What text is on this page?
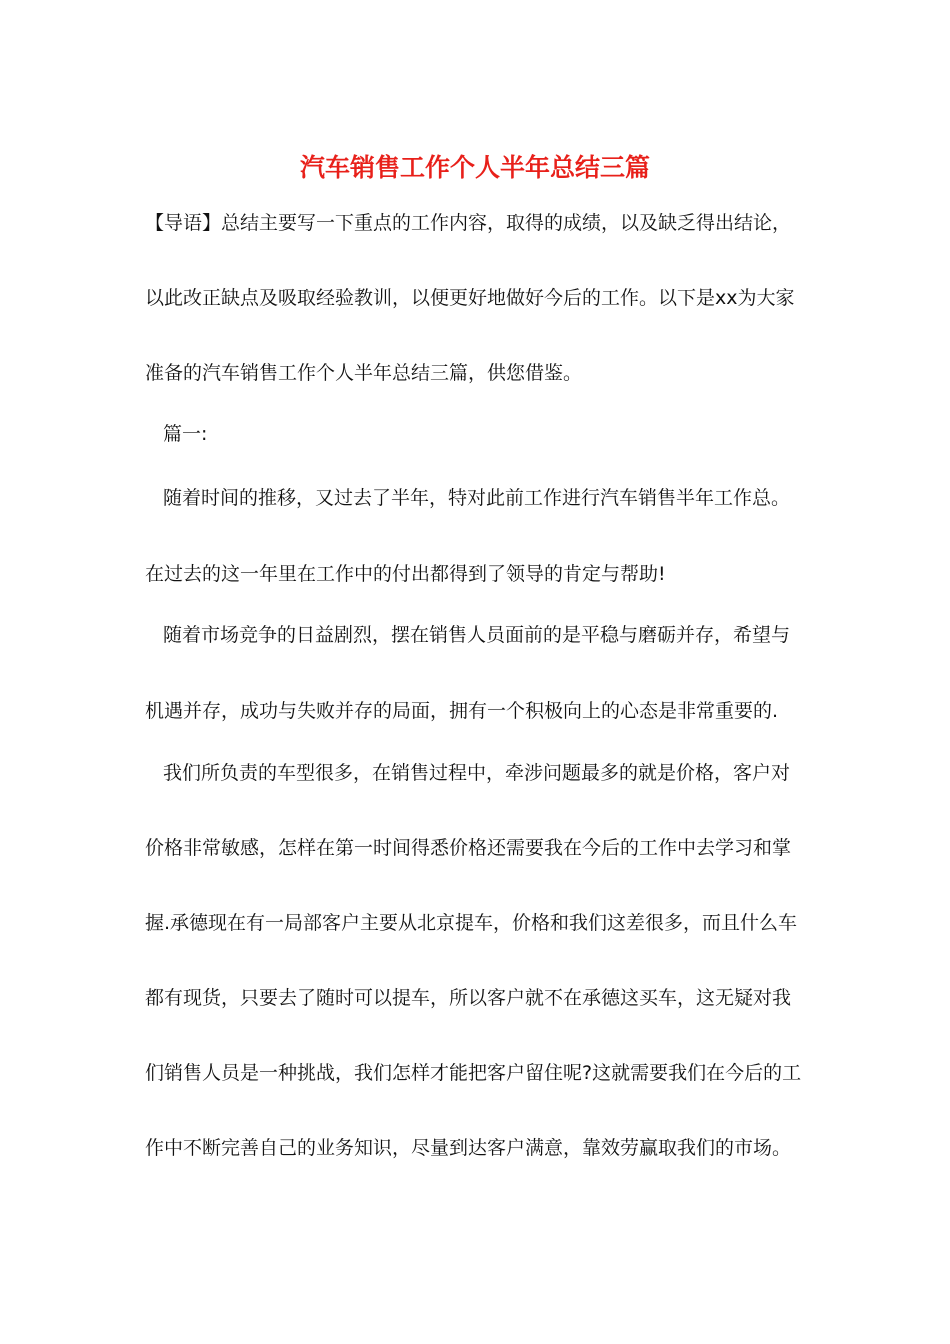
汽车销售工作个人半年总结三篇
【导语】总结主要写一下重点的工作内容，取得的成绩，以及缺乏得出结论，
以此改正缺点及吸取经验教训，以便更好地做好今后的工作。以下是xx为大家
准备的汽车销售工作个人半年总结三篇，供您借鉴。
篇一:
随着时间的推移，又过去了半年，特对此前工作进行汽车销售半年工作总。
在过去的这一年里在工作中的付出都得到了领导的肯定与帮助!
随着市场竞争的日益剧烈，摆在销售人员面前的是平稳与磨砺并存，希望与
机遇并存，成功与失败并存的局面，拥有一个积极向上的心态是非常重要的.
我们所负责的车型很多，在销售过程中，牵涉问题最多的就是价格，客户对
价格非常敏感，怎样在第一时间得悉价格还需要我在今后的工作中去学习和掌
握.承德现在有一局部客户主要从北京提车，价格和我们这差很多，而且什么车
都有现货，只要去了随时可以提车，所以客户就不在承德这买车，这无疑对我
们销售人员是一种挑战，我们怎样才能把客户留住呢?这就需要我们在今后的工
作中不断完善自己的业务知识，尽量到达客户满意，靠效劳赢取我们的市场。
